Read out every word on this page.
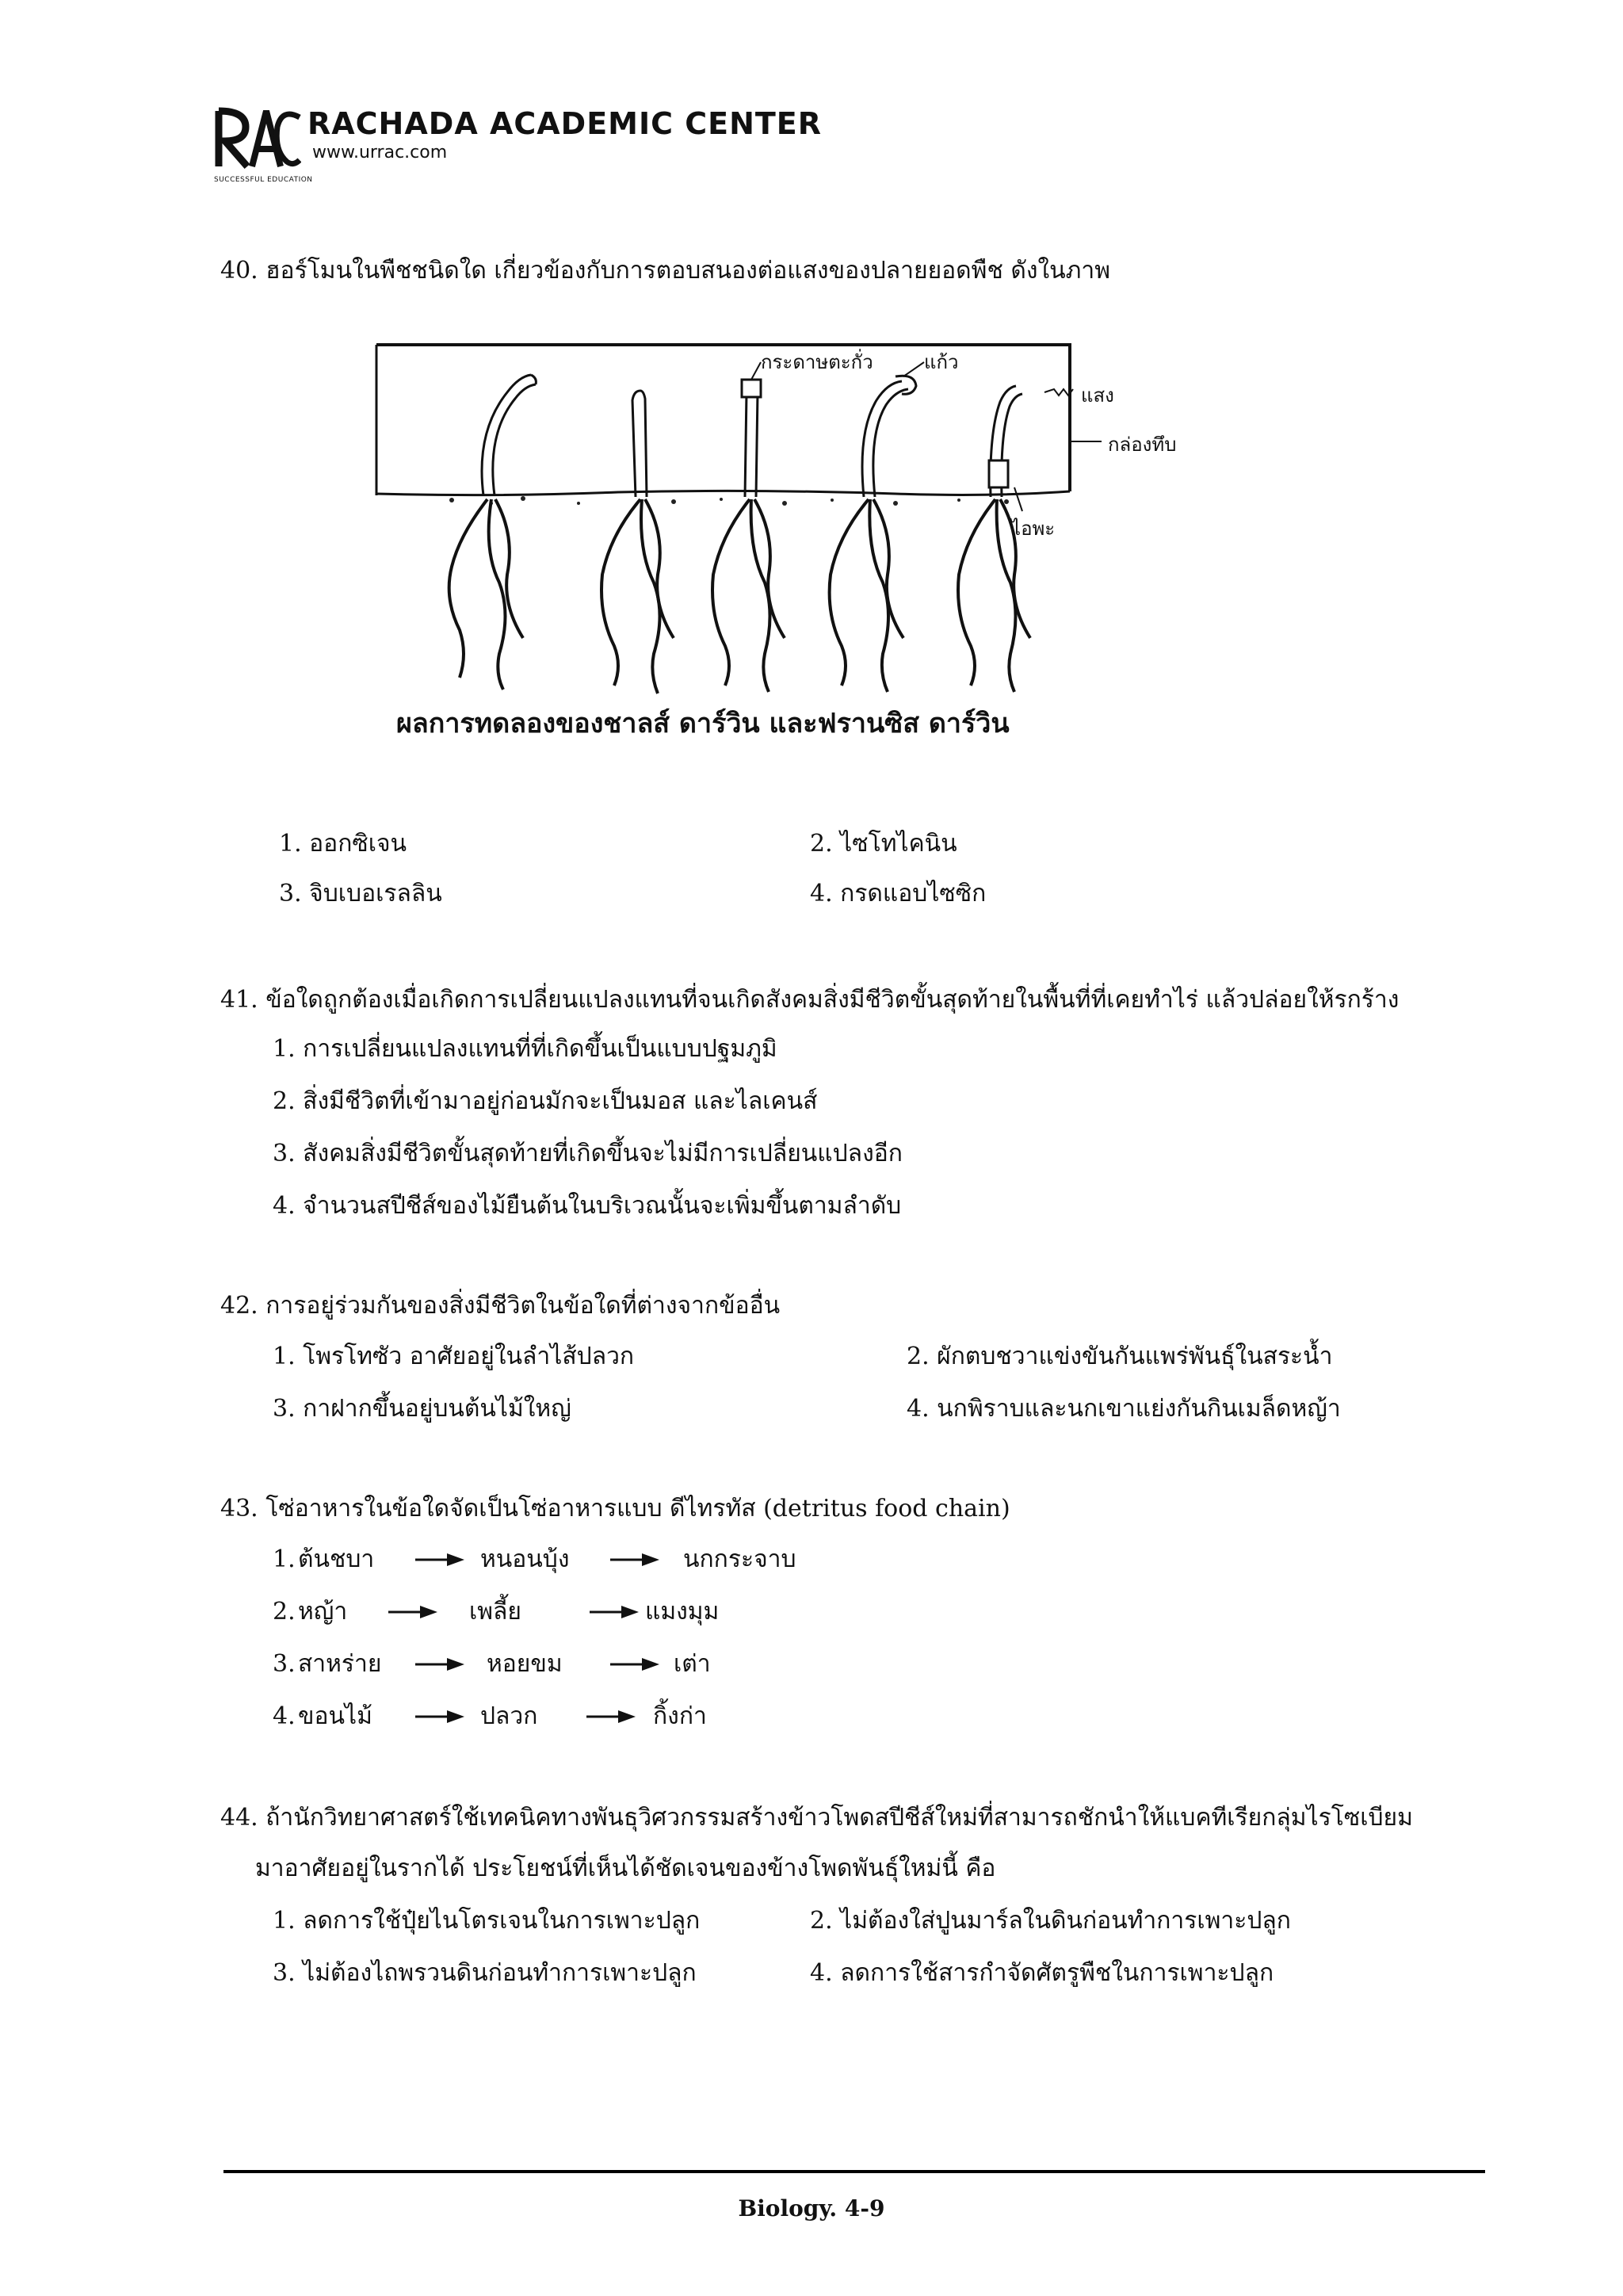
RACHADA ACADEMIC CENTER
www.urrac.com
SUCCESSFUL EDUCATION
40. ฮอร์โมนในพืชชนิดใด เกี่ยวข้องกับการตอบสนองต่อแสงของปลายยอดพืช ดังในภาพ
กระดาษตะกั่ว	แก้ว
แสง
กล่องทึบ
ไอพะ
ผลการทดลองของชาลส์ ดาร์วิน และฟรานซิส ดาร์วิน
1. ออกซิเจน	2. ไซโทไคนิน
3. จิบเบอเรลลิน	4. กรดแอบไซซิก
41. ข้อใดถูกต้องเมื่อเกิดการเปลี่ยนแปลงแทนที่จนเกิดสังคมสิ่งมีชีวิตขั้นสุดท้ายในพื้นที่ที่เคยทำไร่ แล้วปล่อยให้รกร้าง
1. การเปลี่ยนแปลงแทนที่ที่เกิดขึ้นเป็นแบบปฐมภูมิ
2. สิ่งมีชีวิตที่เข้ามาอยู่ก่อนมักจะเป็นมอส และไลเคนส์
3. สังคมสิ่งมีชีวิตขั้นสุดท้ายที่เกิดขึ้นจะไม่มีการเปลี่ยนแปลงอีก
4. จำนวนสปีชีส์ของไม้ยืนต้นในบริเวณนั้นจะเพิ่มขึ้นตามลำดับ
42. การอยู่ร่วมกันของสิ่งมีชีวิตในข้อใดที่ต่างจากข้ออื่น
1. โพรโทซัว อาศัยอยู่ในลำไส้ปลวก	2. ผักตบชวาแข่งขันกันแพร่พันธุ์ในสระน้ำ
3. กาฝากขึ้นอยู่บนต้นไม้ใหญ่	4. นกพิราบและนกเขาแย่งกันกินเมล็ดหญ้า
43. โซ่อาหารในข้อใดจัดเป็นโซ่อาหารแบบ ดีไทรทัส (detritus food chain)
1. ต้นชบา	หนอนบุ้ง	นกกระจาบ
2. หญ้า	เพลี้ย	แมงมุม
3. สาหร่าย	หอยขม	เต่า
4. ขอนไม้	ปลวก	กิ้งก่า
44. ถ้านักวิทยาศาสตร์ใช้เทคนิคทางพันธุวิศวกรรมสร้างข้าวโพดสปีชีส์ใหม่ที่สามารถชักนำให้แบคทีเรียกลุ่มไรโซเบียม
มาอาศัยอยู่ในรากได้ ประโยชน์ที่เห็นได้ชัดเจนของข้างโพดพันธุ์ใหม่นี้ คือ
1. ลดการใช้ปุ๋ยไนโตรเจนในการเพาะปลูก	2. ไม่ต้องใส่ปูนมาร์ลในดินก่อนทำการเพาะปลูก
3. ไม่ต้องไถพรวนดินก่อนทำการเพาะปลูก	4. ลดการใช้สารกำจัดศัตรูพืชในการเพาะปลูก
Biology. 4-9
